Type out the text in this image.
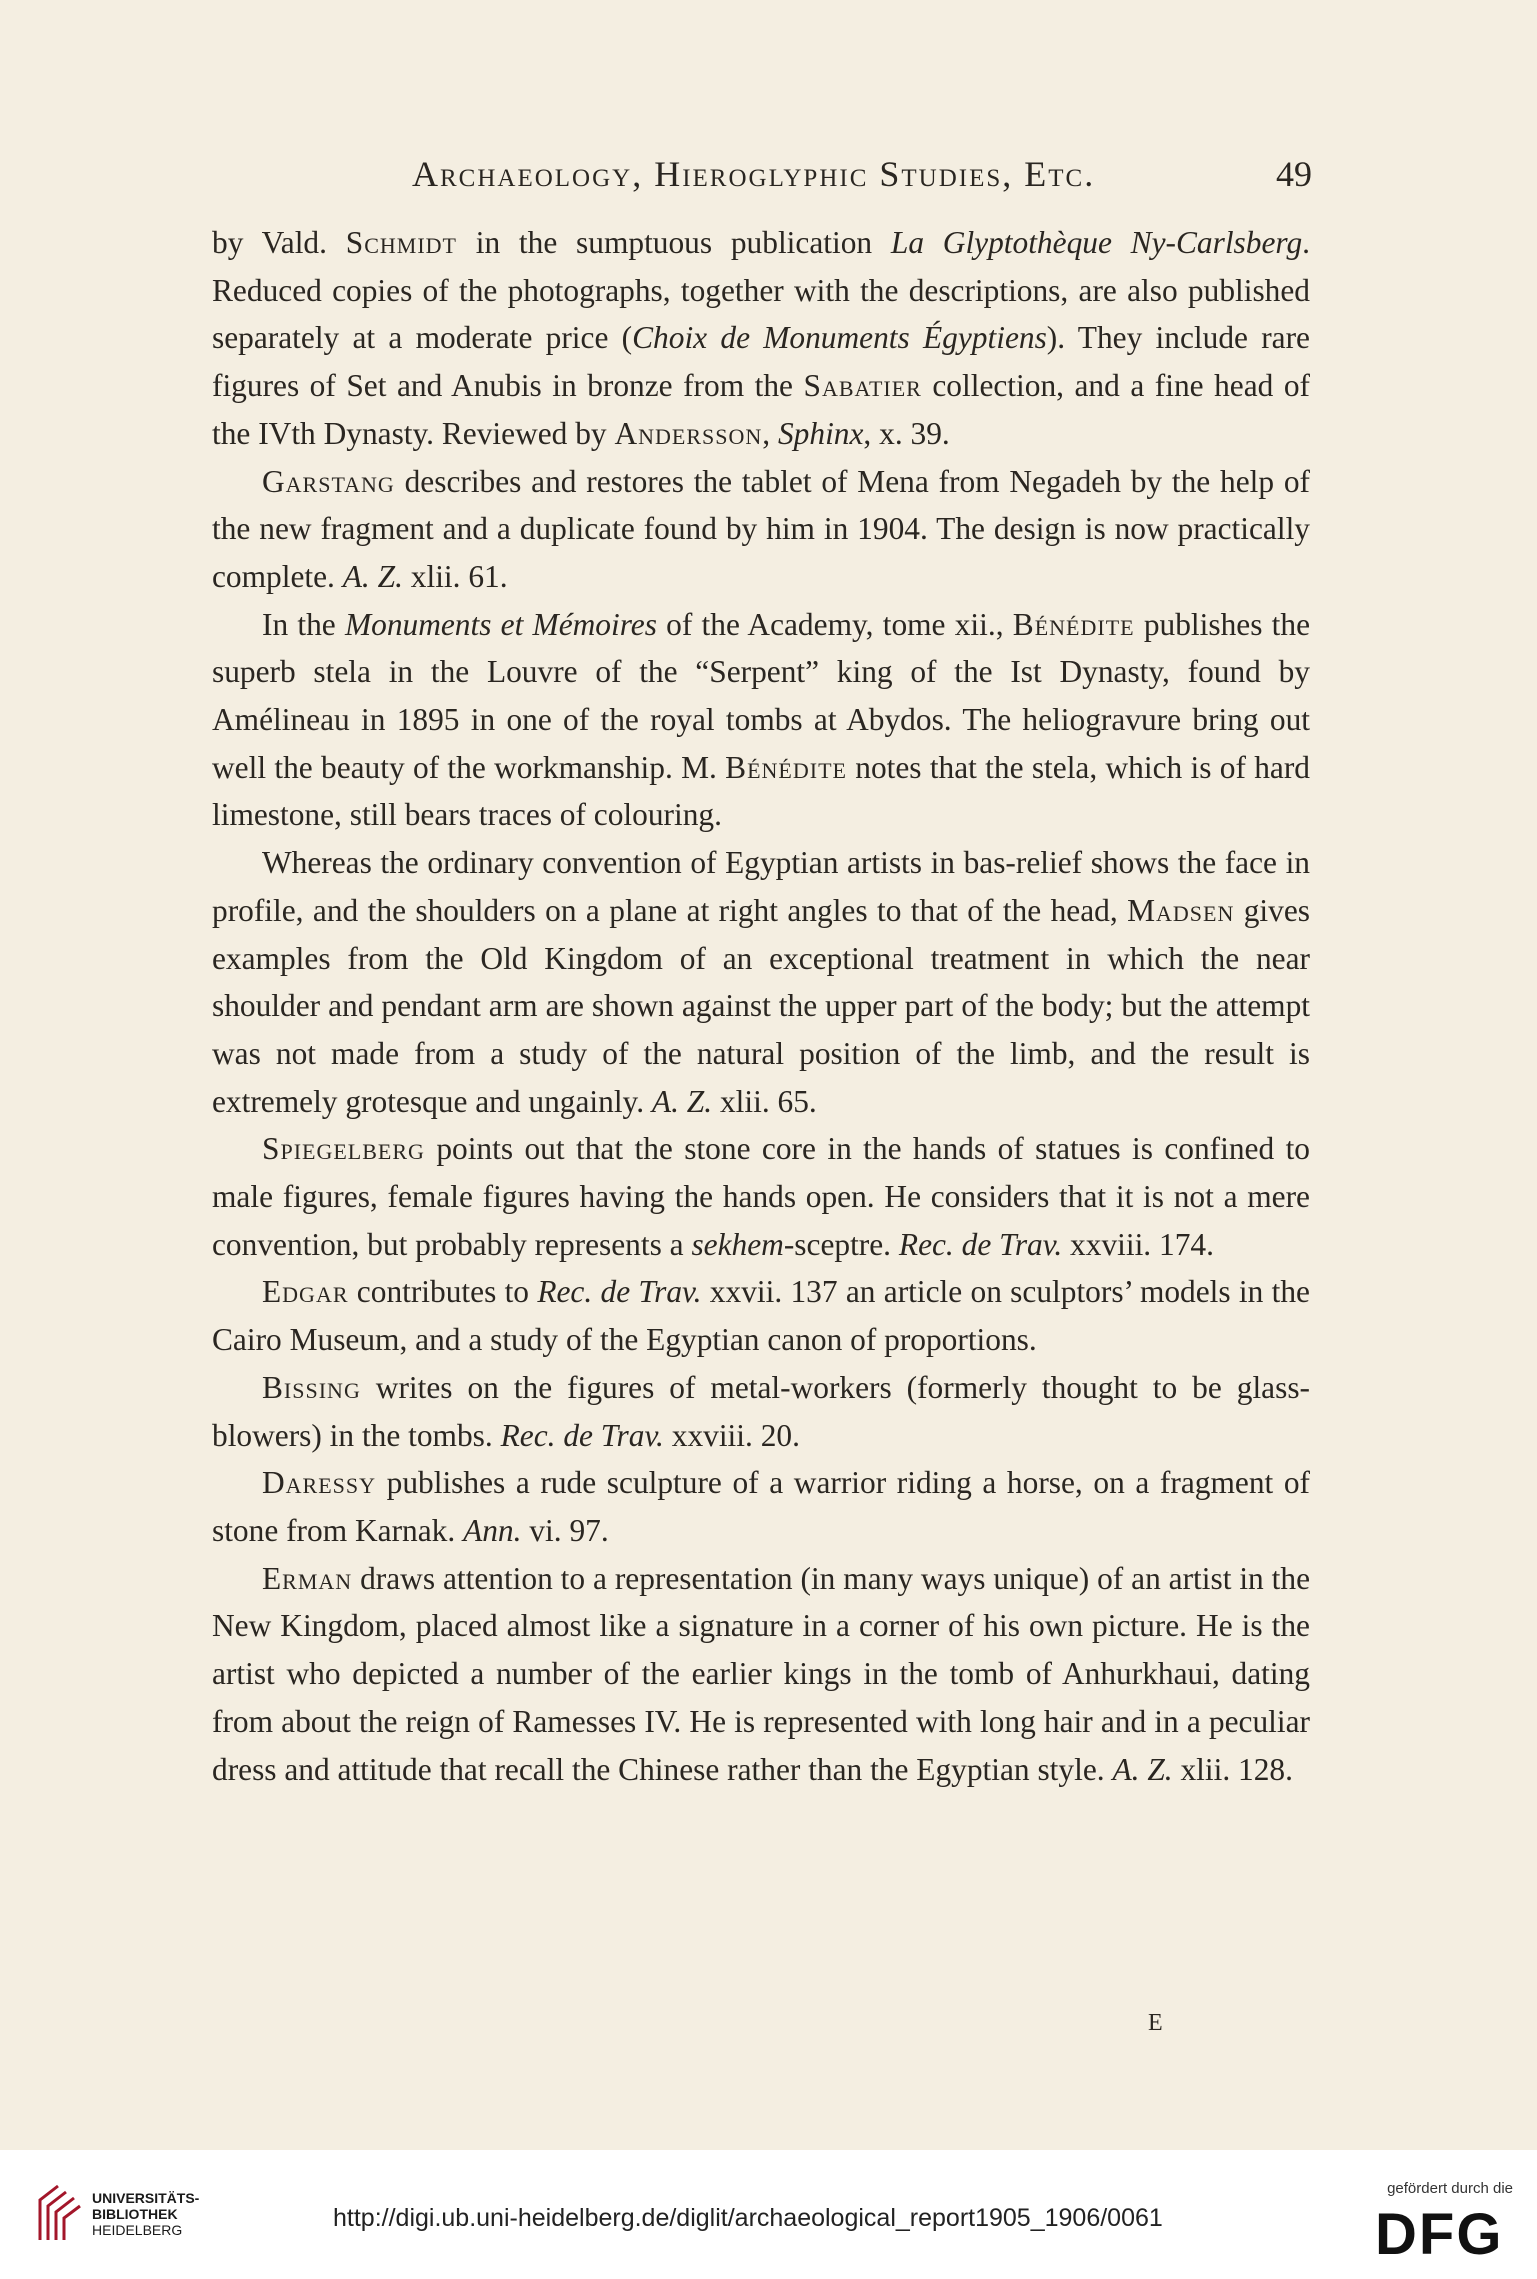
Archaeology, Hieroglyphic Studies, Etc.	49

by Vald. Schmidt in the sumptuous publication La Glyptothèque Ny-Carlsberg. Reduced copies of the photographs, together with the descriptions, are also published separately at a moderate price (Choix de Monuments Égyptiens). They include rare figures of Set and Anubis in bronze from the Sabatier collection, and a fine head of the IVth Dynasty. Reviewed by Andersson, Sphinx, x. 39.

Garstang describes and restores the tablet of Mena from Negadeh by the help of the new fragment and a duplicate found by him in 1904. The design is now practically complete. A. Z. xlii. 61.

In the Monuments et Mémoires of the Academy, tome xii., Bénédite publishes the superb stela in the Louvre of the “Serpent” king of the Ist Dynasty, found by Amélineau in 1895 in one of the royal tombs at Abydos. The heliogravure bring out well the beauty of the workmanship. M. Bénédite notes that the stela, which is of hard limestone, still bears traces of colouring.

Whereas the ordinary convention of Egyptian artists in bas-relief shows the face in profile, and the shoulders on a plane at right angles to that of the head, Madsen gives examples from the Old Kingdom of an exceptional treatment in which the near shoulder and pendant arm are shown against the upper part of the body; but the attempt was not made from a study of the natural position of the limb, and the result is extremely grotesque and ungainly. A. Z. xlii. 65.

Spiegelberg points out that the stone core in the hands of statues is confined to male figures, female figures having the hands open. He considers that it is not a mere convention, but probably represents a sekhem-sceptre. Rec. de Trav. xxviii. 174.

Edgar contributes to Rec. de Trav. xxvii. 137 an article on sculptors’ models in the Cairo Museum, and a study of the Egyptian canon of proportions.

Bissing writes on the figures of metal-workers (formerly thought to be glass-blowers) in the tombs. Rec. de Trav. xxviii. 20.

Daressy publishes a rude sculpture of a warrior riding a horse, on a fragment of stone from Karnak. Ann. vi. 97.

Erman draws attention to a representation (in many ways unique) of an artist in the New Kingdom, placed almost like a signature in a corner of his own picture. He is the artist who depicted a number of the earlier kings in the tomb of Anhurkhaui, dating from about the reign of Ramesses IV. He is represented with long hair and in a peculiar dress and attitude that recall the Chinese rather than the Egyptian style. A. Z. xlii. 128.

E
UNIVERSITÄTS-
BIBLIOTHEK
HEIDELBERG	http://digi.ub.uni-heidelberg.de/diglit/archaeological_report1905_1906/0061
gefördert durch die
DFG
